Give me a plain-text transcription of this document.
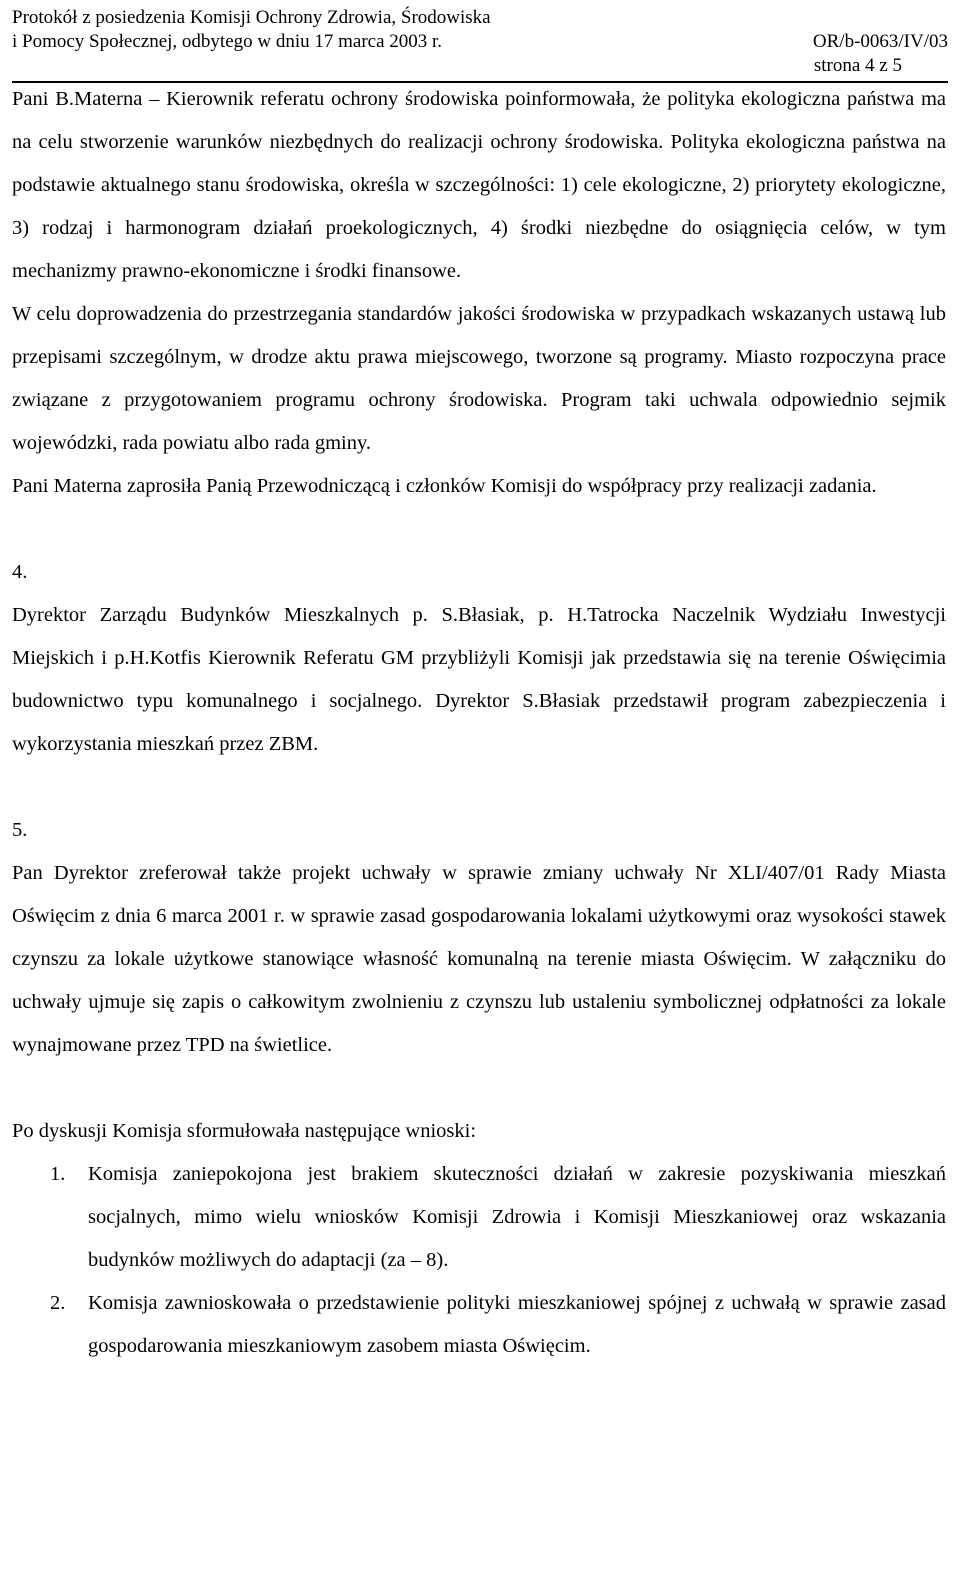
Protokół z posiedzenia Komisji Ochrony Zdrowia, Środowiska
i Pomocy Społecznej, odbytego w dniu 17 marca 2003 r.	OR/b-0063/IV/03
strona 4 z 5

Pani B.Materna – Kierownik referatu ochrony środowiska poinformowała, że polityka ekologiczna państwa ma na celu stworzenie warunków niezbędnych do realizacji ochrony środowiska. Polityka ekologiczna państwa na podstawie aktualnego stanu środowiska, określa w szczególności: 1) cele ekologiczne, 2) priorytety ekologiczne, 3) rodzaj i harmonogram działań proekologicznych, 4) środki niezbędne do osiągnięcia celów, w tym mechanizmy prawno-ekonomiczne i środki finansowe.

W celu doprowadzenia do przestrzegania standardów jakości środowiska w przypadkach wskazanych ustawą lub przepisami szczególnym, w drodze aktu prawa miejscowego, tworzone są programy. Miasto rozpoczyna prace związane z przygotowaniem programu ochrony środowiska. Program taki uchwala odpowiednio sejmik wojewódzki, rada powiatu albo rada gminy.

Pani Materna zaprosiła Panią Przewodniczącą i członków Komisji do współpracy przy realizacji zadania.

4.

Dyrektor Zarządu Budynków Mieszkalnych p. S.Błasiak, p. H.Tatrocka Naczelnik Wydziału Inwestycji Miejskich i p.H.Kotfis Kierownik Referatu GM przybliżyli Komisji jak przedstawia się na terenie Oświęcimia budownictwo typu komunalnego i socjalnego. Dyrektor S.Błasiak przedstawił program zabezpieczenia i wykorzystania mieszkań przez ZBM.

5.

Pan Dyrektor zreferował także projekt uchwały w sprawie zmiany uchwały Nr XLI/407/01 Rady Miasta Oświęcim z dnia 6 marca 2001 r. w sprawie zasad gospodarowania lokalami użytkowymi oraz wysokości stawek czynszu za lokale użytkowe stanowiące własność komunalną na terenie miasta Oświęcim. W załączniku do uchwały ujmuje się zapis o całkowitym zwolnieniu z czynszu lub ustaleniu symbolicznej odpłatności za lokale wynajmowane przez TPD na świetlice.

Po dyskusji Komisja sformułowała następujące wnioski:

1. Komisja zaniepokojona jest brakiem skuteczności działań w zakresie pozyskiwania mieszkań socjalnych, mimo wielu wniosków Komisji Zdrowia i Komisji Mieszkaniowej oraz wskazania budynków możliwych do adaptacji (za – 8).
2. Komisja zawnioskowała o przedstawienie polityki mieszkaniowej spójnej z uchwałą w sprawie zasad gospodarowania mieszkaniowym zasobem miasta Oświęcim.
